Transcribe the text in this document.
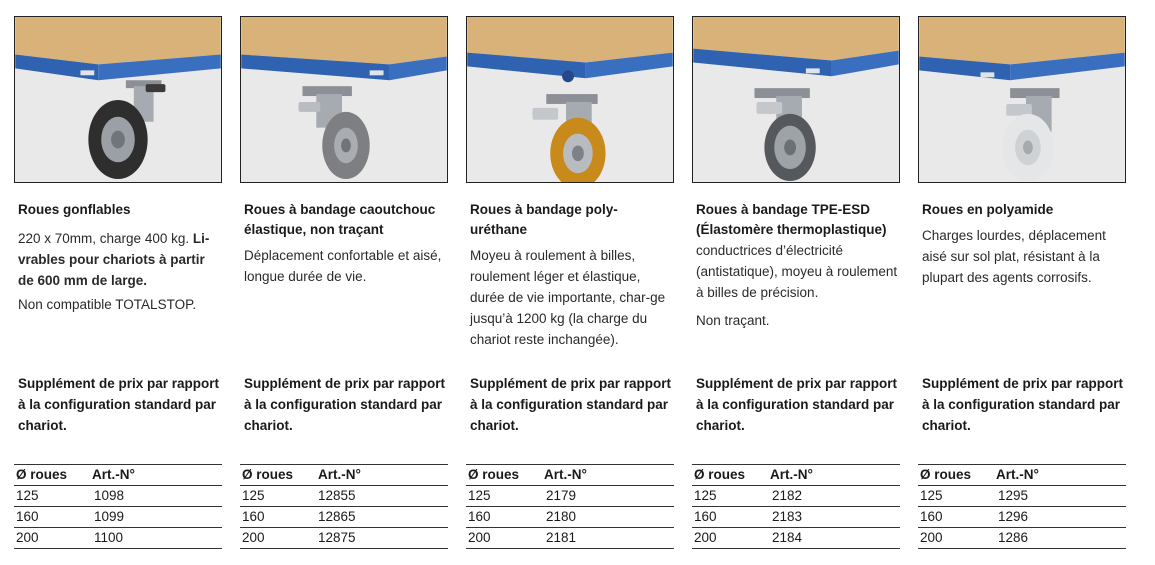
Roues gonflables
220 x 70mm, charge 400 kg. Li-vrables pour chariots à partir de 600 mm de large.
Non compatible TOTALSTOP.
Supplément de prix par rapport à la configuration standard par chariot.
Ø roues Art.-N°
125	1098
160	1099
200	1100
Roues à bandage caoutchouc élastique, non traçant
Déplacement confortable et aisé, longue durée de vie.
Supplément de prix par rapport à la configuration standard par chariot.
Ø roues Art.-N°
125	12855
160	12865
200	12875
Roues à bandage poly-uréthane
Moyeu à roulement à billes, roulement léger et élastique, durée de vie importante, char-ge jusqu’à 1200 kg (la charge du chariot reste inchangée).
Supplément de prix par rapport à la configuration standard par chariot.
Ø roues Art.-N°
125	2179
160	2180
200	2181
Roues à bandage TPE-ESD (Élastomère thermoplastique)
conductrices d’électricité (antistatique), moyeu à roulement à billes de précision.
Non traçant.
Supplément de prix par rapport à la configuration standard par chariot.
Ø roues Art.-N°
125	2182
160	2183
200	2184
Roues en polyamide
Charges lourdes, déplacement aisé sur sol plat, résistant à la plupart des agents corrosifs.
Supplément de prix par rapport à la configuration standard par chariot.
Ø roues Art.-N°
125	1295
160	1296
200	1286
